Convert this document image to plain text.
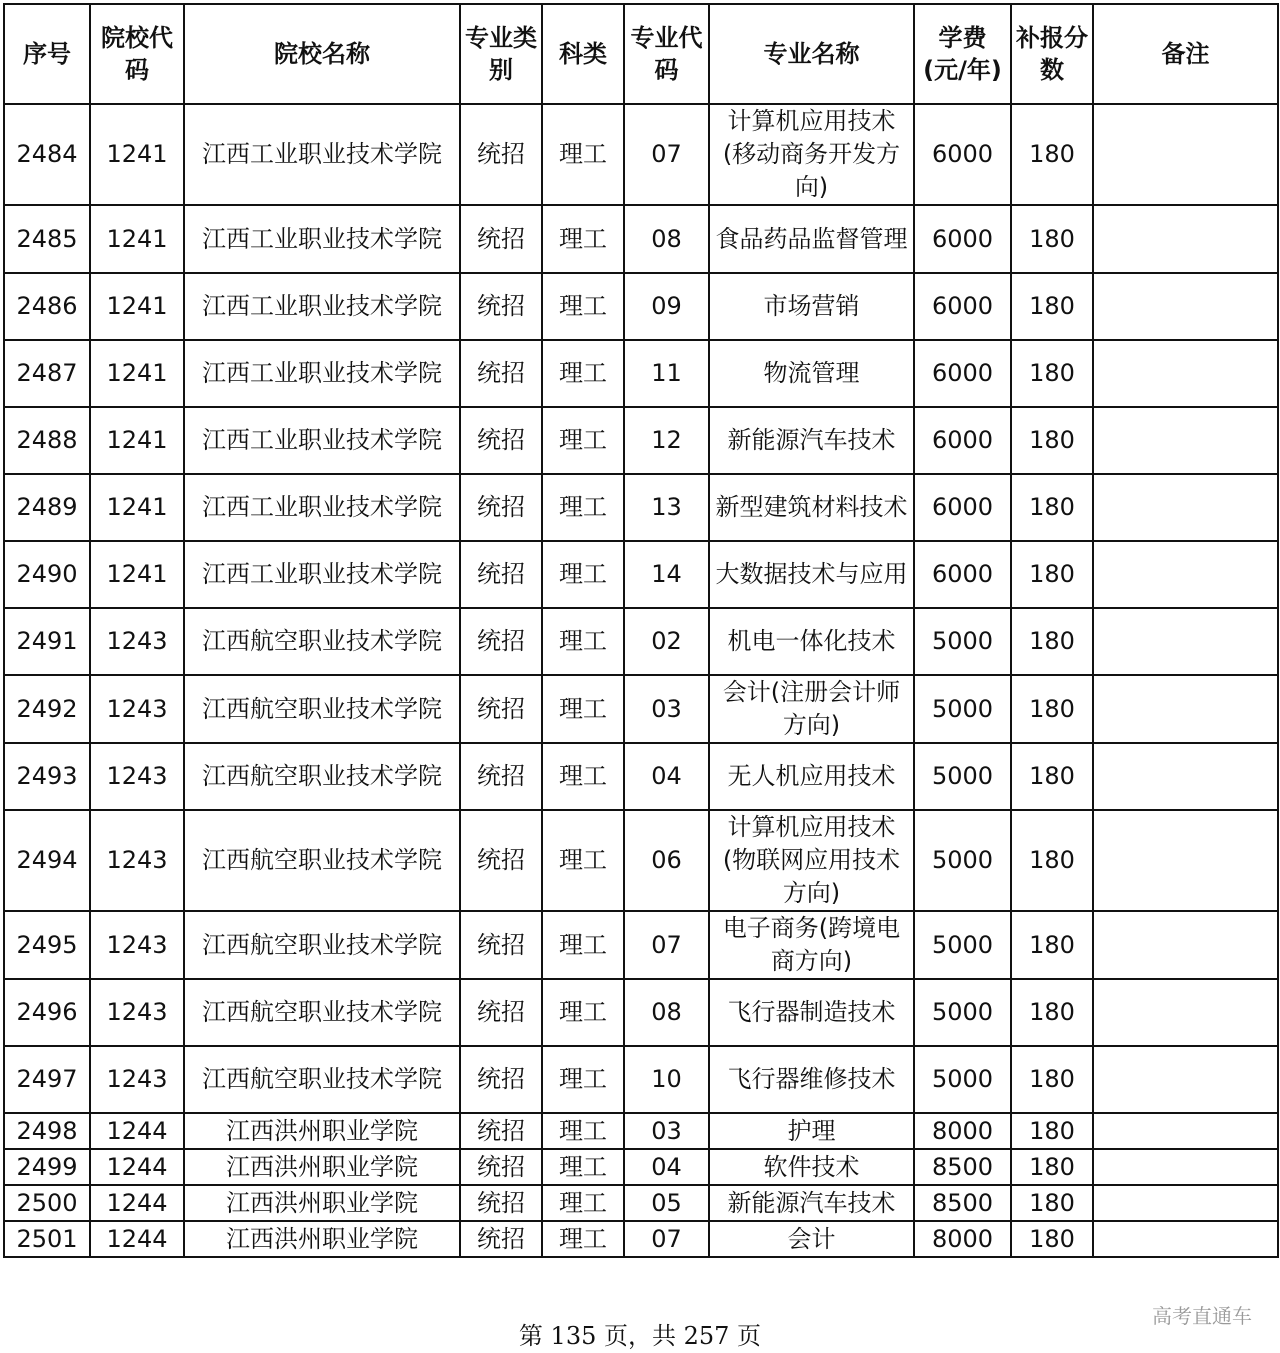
序号	院校代码	院校名称	专业类别	科类	专业代码	专业名称	学费(元/年)	补报分数	备注
2484	1241	江西工业职业技术学院	统招	理工	07	计算机应用技术(移动商务开发方向)	6000	180	
2485	1241	江西工业职业技术学院	统招	理工	08	食品药品监督管理	6000	180	
2486	1241	江西工业职业技术学院	统招	理工	09	市场营销	6000	180	
2487	1241	江西工业职业技术学院	统招	理工	11	物流管理	6000	180	
2488	1241	江西工业职业技术学院	统招	理工	12	新能源汽车技术	6000	180	
2489	1241	江西工业职业技术学院	统招	理工	13	新型建筑材料技术	6000	180	
2490	1241	江西工业职业技术学院	统招	理工	14	大数据技术与应用	6000	180	
2491	1243	江西航空职业技术学院	统招	理工	02	机电一体化技术	5000	180	
2492	1243	江西航空职业技术学院	统招	理工	03	会计(注册会计师方向)	5000	180	
2493	1243	江西航空职业技术学院	统招	理工	04	无人机应用技术	5000	180	
2494	1243	江西航空职业技术学院	统招	理工	06	计算机应用技术(物联网应用技术方向)	5000	180	
2495	1243	江西航空职业技术学院	统招	理工	07	电子商务(跨境电商方向)	5000	180	
2496	1243	江西航空职业技术学院	统招	理工	08	飞行器制造技术	5000	180	
2497	1243	江西航空职业技术学院	统招	理工	10	飞行器维修技术	5000	180	
2498	1244	江西洪州职业学院	统招	理工	03	护理	8000	180	
2499	1244	江西洪州职业学院	统招	理工	04	软件技术	8500	180	
2500	1244	江西洪州职业学院	统招	理工	05	新能源汽车技术	8500	180	
2501	1244	江西洪州职业学院	统招	理工	07	会计	8000	180	
第 135 页，共 257 页
高考直通车
